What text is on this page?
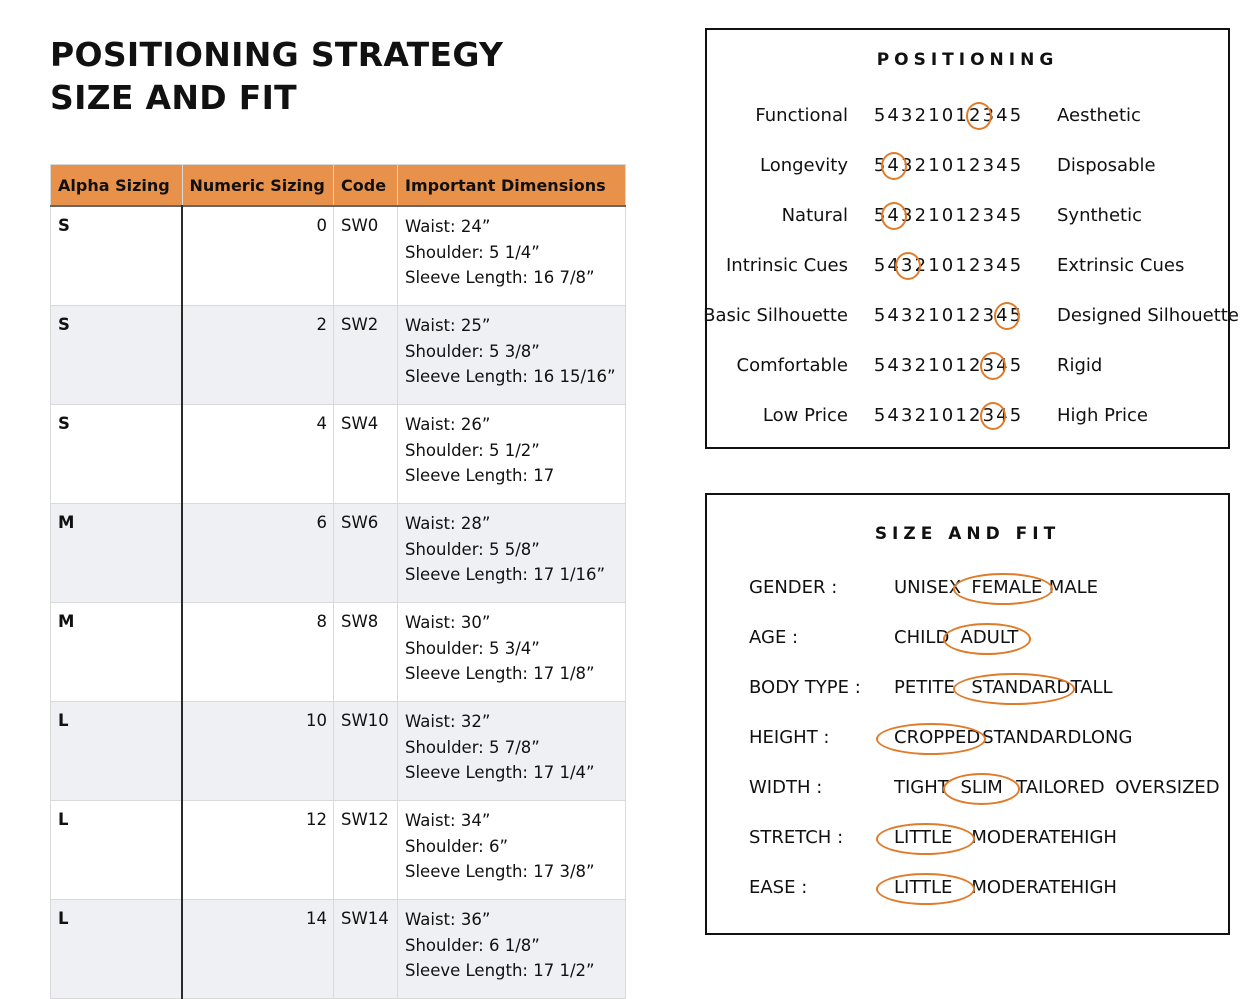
POSITIONING STRATEGY
SIZE AND FIT
Alpha Sizing	Numeric Sizing	Code	Important Dimensions
S	0	SW0	Waist: 24”
Shoulder: 5 1/4”
Sleeve Length: 16 7/8”

S	2	SW2	Waist: 25”
Shoulder: 5 3/8”
Sleeve Length: 16 15/16”

S	4	SW4	Waist: 26”
Shoulder: 5 1/2”
Sleeve Length: 17

M	6	SW6	Waist: 28”
Shoulder: 5 5/8”
Sleeve Length: 17 1/16”

M	8	SW8	Waist: 30”
Shoulder: 5 3/4”
Sleeve Length: 17 1/8”

L	10	SW10	Waist: 32”
Shoulder: 5 7/8”
Sleeve Length: 17 1/4”

L	12	SW12	Waist: 34”
Shoulder: 6”
Sleeve Length: 17 3/8”

L	14	SW14	Waist: 36”
Shoulder: 6 1/8”
Sleeve Length: 17 1/2”
POSITIONING
Functional 54321012345 Aesthetic
Longevity 54321012345 Disposable
Natural 54321012345 Synthetic
Intrinsic Cues 54321012345 Extrinsic Cues
Basic Silhouette 54321012345 Designed Silhouette
Comfortable 54321012345 Rigid
Low Price 54321012345 High Price
SIZE AND FIT
GENDER :	UNISEX FEMALE MALE
AGE :	CHILD ADULT
BODY TYPE : PETITE STANDARD TALL
HEIGHT :	CROPPED STANDARD LONG
WIDTH :	TIGHT SLIM TAILORED OVERSIZED
STRETCH :	LITTLE MODERATE HIGH
EASE :	LITTLE MODERATE HIGH
